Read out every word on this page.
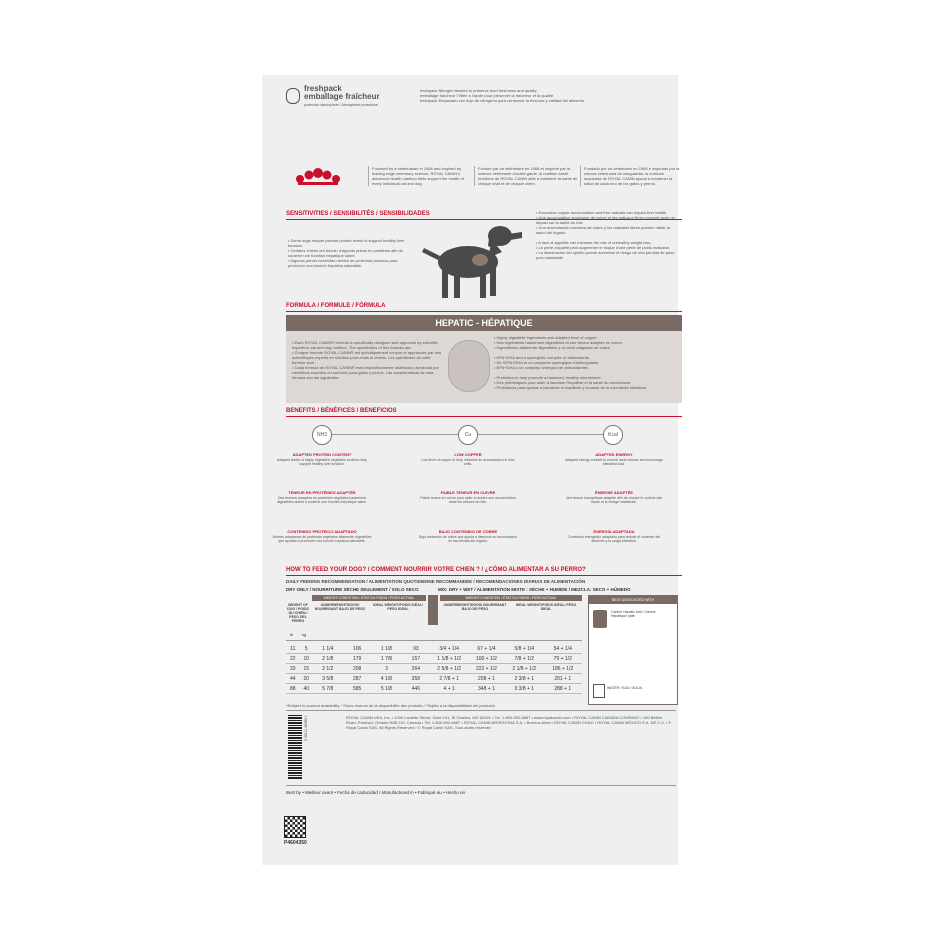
freshpack
emballage fraîcheur
protection atmosphère / Atmosphère protectrice
freshpack Nitrogen flushed to preserve food freshness and quality.
emballage fraîcheur Triflée à l'azote pour préserver la fraîcheur et la qualité.
freshpack Empacado con flujo de nitrógeno para conservar la frescura y calidad del alimento.
Founded by a veterinarian in 1968 and inspired by leading edge veterinary science, ROYAL CANIN's advanced health nutrition diets support the health of every individual cat and dog.
Fondée par un vétérinaire en 1968 et inspirée par la science vétérinaire d'avant-garde, la nutrition santé moderne de ROYAL CANIN aide à maintenir la santé de chaque chat et de chaque chien.
Fundado por un veterinario en 1968 e inspirado por la ciencia veterinaria de vanguardia, la nutrición avanzada de ROYAL CANIN ayuda a mantener la salud de cada uno de los gatos y perros.
SENSITIVITIES / SENSIBILITÉS / SENSIBILIDADES
• Some dogs require precise protein levels to support healthy liver function.
• Certains chiens ont besoin d'apports précis en protéines afin de soutenir une fonction hépatique saine.
• Algunos perros necesitan niveles de proteínas precisos para promover una función hepática saludable.
• Excessive copper accumulation and free radicals can impact liver health.
• Une accumulation excessive de cuivre et les radicaux libres peuvent avoir un impact sur la santé du foie.
• Una acumulación excesiva de cobre y los radicales libres pueden dañar la salud del hígado.

• A lack of appetite can increase the risk of unhealthy weight loss.
• Le perte d'appétit peut augmenter le risque d'une perte de poids malsaine.
• La disminución del apetito puede aumentar el riesgo de una pérdida de peso poco saludable.
FORMULA / FORMULE / FÓRMULA
HEPATIC - HÉPATIQUE
• Each ROYAL CANIN® formula is specifically designed and approved by scientific experts in cat and dog nutrition. The specificities of this formula are:
• Chaque formule ROYAL CANIN® est spécifiquement conçue et approuvée par des scientifiques experts en nutrition pour chats et chiens. Les spécificités de cette formule sont :
• Cada fórmula de ROYAL CANIN® está específicamente diseñada y aprobada por científicos expertos en nutrición para gatos y perros. Las características de esta fórmula son las siguientes:
• Highly digestible ingredients and adapted level of copper.
• Des ingrédients hautement digestibles et une teneur adaptée en cuivre.
• Ingredientes altamente digestibles y un nivel adaptado de cobre.

• EPA+DHA and a synergistic complex of antioxidants.
• De l'EPA+DHA et un complexe synergique d'antioxydants.
• EPA+DHA y un complejo sinérgico de antioxidantes.

• Prebiotics to help promote a balanced, healthy microbiome.
• Des prébiotiques pour aider à favoriser l'équilibre et la santé du microbiome.
• Prebióticos para ayudar a favorecer el equilibrio y la salud de la microbiota intestinal.
BENEFITS / BÉNÉFICES / BENEFICIOS
NH3	Cu	Kcal
ADAPTED PROTEIN CONTENT
Adapted levels of highly digestible vegetable proteins help support healthy liver function.
LOW COPPER
Low level of copper to help minimize its accumulation in liver cells.
ADAPTED ENERGY
Adapted energy content to ensure meal volume and encourage intestinal load.
TENEUR EN PROTÉINES ADAPTÉE
Des teneurs adaptées en protéines végétales hautement digestibles aident à soutenir une fonction hépatique saine.
FAIBLE TENEUR EN CUIVRE
Faible teneur en cuivre pour aider à réduire son accumulation dans les cellules du foie.
ÉNERGIE ADAPTÉE
Une teneur énergétique adaptée afin de réduire le volume des repas et la charge intestinale.
CONTENIDO PROTEICO ADAPTADO
Niveles adaptados de proteínas vegetales altamente digestibles que ayudan a promover una función hepática saludable.
BAJO CONTENIDO DE COBRE
Bajo contenido de cobre que ayuda a disminuir su acumulación en las células del hígado.
ENERGÍA ADAPTADA
Contenido energético adaptado para reducir el volumen del alimento y la carga intestinal.
HOW TO FEED YOUR DOG? / COMMENT NOURRIR VOTRE CHIEN ? / ¿CÓMO ALIMENTAR A SU PERRO?
DAILY FEEDING RECOMMENDATION / ALIMENTATION QUOTIDIENNE RECOMMANDÉE / RECOMENDACIONES DIARIAS DE ALIMENTACIÓN
DRY ONLY / NOURRITURE SÈCHE SEULEMENT / SOLO SECO	MIX: DRY + WET / ALIMENTATION MIXTE : SÈCHE + HUMIDE / MEZCLA: SECO + HÚMEDO
WEIGHT CONDITION / ÉTAT DU POIDS / PESO ACTUAL	WEIGHT CONDITION / ÉTAT DU POIDS / PESO ACTUAL
WEIGHT OF DOG / POIDS DU CHIEN / PESO DEL PERRO
UNDERWEIGHT/DOGS/ NOURRISANT BAJO DE PESO
IDEAL WEIGHT/POIDS IDÉAL/ PESO IDEAL
UNDERWEIGHT/DOGS/ NOURRISANT BAJO DE PESO
IDEAL WEIGHT/POIDS IDÉAL/ PESO IDEAL
lb kg
11	5	1 1/4	106	1 1/8	93	3/4 + 1/4	67 + 1/4	5/8 + 1/4	54 + 1/4
22	10	2 1/8	179	1 7/8	157	1 1/8 + 1/2	100 + 1/2	7/8 + 1/2	79 + 1/2
33	15	2 1/2	208	3	264	2 5/8 + 1/2	222 + 1/2	2 1/8 + 1/2	186 + 1/2
44	20	3 5/8	287	4 1/8	358	2 7/8 + 1	208 + 1	2 3/8 + 1	201 + 1
88	40	5 7/8	585	5 1/8	446	4 + 1	348 + 1	3 3/8 + 1	288 + 1
BEST ASSOCIATED WITH
Canine Hepatic loaf / Canine Hépatique pâté
WATER / EAU / AGUA
*Subject to product availability / *Sous réserve de la disponibilité des produits / *Sujeto a la disponibilidad del producto
0 30111 46353 1	ROYAL CANIN USA, Inc. • 1200 Laclede Street, Suite 101, St Charles, MO 63301 • Tel. 1-800-592-6687 • www.royalcanin.com • ROYAL CANIN CANADA COMPANY • 100 Beiber Road, Puslinch, Ontario N0B 2J0, Canada • Tel. 1-800-592-6687 • ROYAL CANIN ARGENTINA S.A. • Buenos Aires • ROYAL CANIN CHILE • ROYAL CANIN MÉXICO S.A. DE C.V. • © Royal Canin SAS. All Rights Reserved • © Royal Canin SAS, Tous droits réservés
Best by • Meilleur avant • Fecha de caducidad / Manufactured in • Fabriqué au • Hecho en
P4604350
